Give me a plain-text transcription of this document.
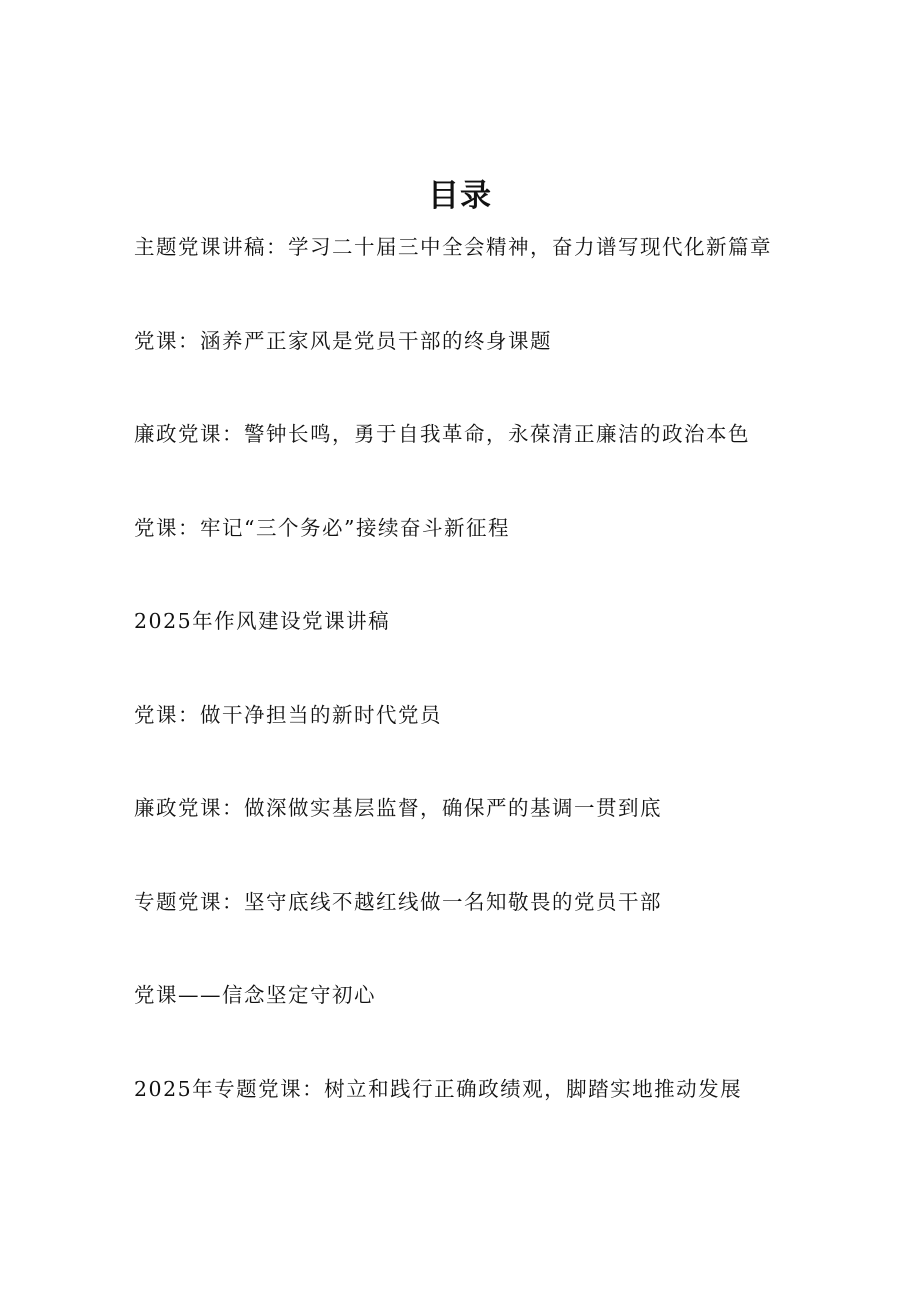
目录
主题党课讲稿：学习二十届三中全会精神，奋力谱写现代化新篇章
党课：涵养严正家风是党员干部的终身课题
廉政党课：警钟长鸣，勇于自我革命，永葆清正廉洁的政治本色
党课：牢记“三个务必”接续奋斗新征程
2025年作风建设党课讲稿
党课：做干净担当的新时代党员
廉政党课：做深做实基层监督，确保严的基调一贯到底
专题党课：坚守底线不越红线做一名知敬畏的党员干部
党课——信念坚定守初心
2025年专题党课：树立和践行正确政绩观，脚踏实地推动发展
